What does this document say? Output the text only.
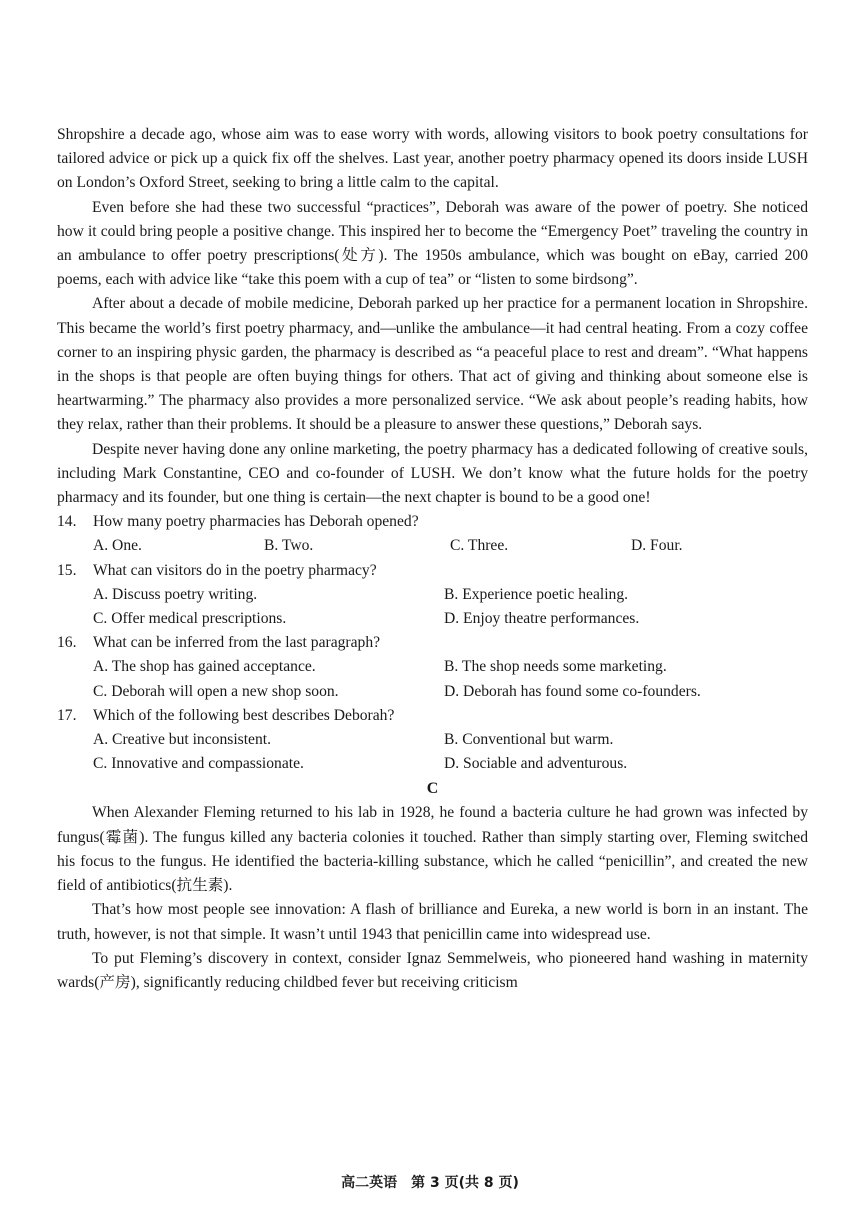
Shropshire a decade ago, whose aim was to ease worry with words, allowing visitors to book poetry consultations for tailored advice or pick up a quick fix off the shelves. Last year, another poetry pharmacy opened its doors inside LUSH on London’s Oxford Street, seeking to bring a little calm to the capital.

Even before she had these two successful “practices”, Deborah was aware of the power of poetry. She noticed how it could bring people a positive change. This inspired her to become the “Emergency Poet” traveling the country in an ambulance to offer poetry prescriptions(处方). The 1950s ambulance, which was bought on eBay, carried 200 poems, each with advice like “take this poem with a cup of tea” or “listen to some birdsong”.

After about a decade of mobile medicine, Deborah parked up her practice for a permanent location in Shropshire. This became the world’s first poetry pharmacy, and—unlike the ambulance—it had central heating. From a cozy coffee corner to an inspiring physic garden, the pharmacy is described as “a peaceful place to rest and dream”. “What happens in the shops is that people are often buying things for others. That act of giving and thinking about someone else is heartwarming.” The pharmacy also provides a more personalized service. “We ask about people’s reading habits, how they relax, rather than their problems. It should be a pleasure to answer these questions,” Deborah says.

Despite never having done any online marketing, the poetry pharmacy has a dedicated following of creative souls, including Mark Constantine, CEO and co-founder of LUSH. We don’t know what the future holds for the poetry pharmacy and its founder, but one thing is certain—the next chapter is bound to be a good one!

14.	How many poetry pharmacies has Deborah opened?
A. One.	B. Two.	C. Three.	D. Four.
15.	What can visitors do in the poetry pharmacy?
A. Discuss poetry writing.	B. Experience poetic healing.
C. Offer medical prescriptions.	D. Enjoy theatre performances.
16.	What can be inferred from the last paragraph?
A. The shop has gained acceptance.	B. The shop needs some marketing.
C. Deborah will open a new shop soon.	D. Deborah has found some co-founders.
17.	Which of the following best describes Deborah?
A. Creative but inconsistent.	B. Conventional but warm.
C. Innovative and compassionate.	D. Sociable and adventurous.
C

When Alexander Fleming returned to his lab in 1928, he found a bacteria culture he had grown was infected by fungus(霉菌). The fungus killed any bacteria colonies it touched. Rather than simply starting over, Fleming switched his focus to the fungus. He identified the bacteria-killing substance, which he called “penicillin”, and created the new field of antibiotics(抗生素).

That’s how most people see innovation: A flash of brilliance and Eureka, a new world is born in an instant. The truth, however, is not that simple. It wasn’t until 1943 that penicillin came into widespread use.

To put Fleming’s discovery in context, consider Ignaz Semmelweis, who pioneered hand washing in maternity wards(产房), significantly reducing childbed fever but receiving criticism

高二英语　第 3 页(共 8 页)
